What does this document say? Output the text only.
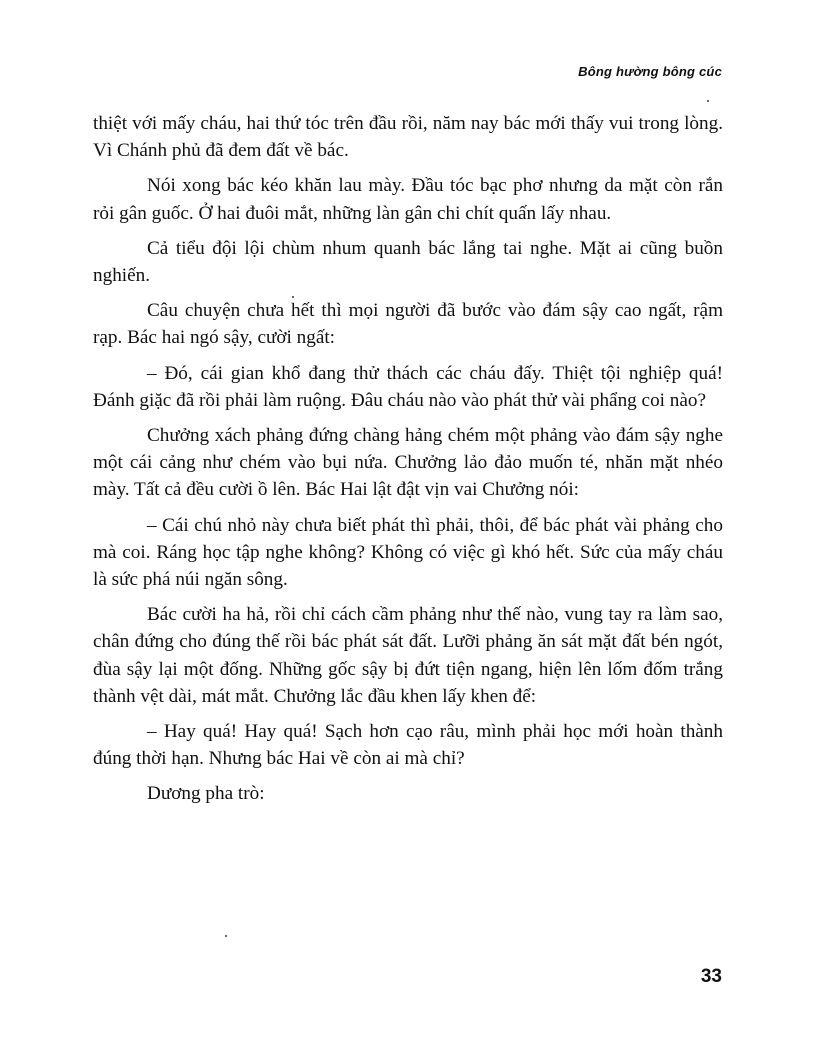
Bông hường bông cúc

thiệt với mấy cháu, hai thứ tóc trên đầu rồi, năm nay bác mới thấy vui trong lòng. Vì Chánh phủ đã đem đất về bác.

Nói xong bác kéo khăn lau mày. Đầu tóc bạc phơ nhưng da mặt còn rắn rỏi gân guốc. Ở hai đuôi mắt, những làn gân chi chít quấn lấy nhau.

Cả tiểu đội lội chùm nhum quanh bác lắng tai nghe. Mặt ai cũng buồn nghiến.

Câu chuyện chưa hết thì mọi người đã bước vào đám sậy cao ngất, rậm rạp. Bác hai ngó sậy, cười ngất:

– Đó, cái gian khổ đang thử thách các cháu đấy. Thiệt tội nghiệp quá! Đánh giặc đã rồi phải làm ruộng. Đâu cháu nào vào phát thử vài phẩng coi nào?

Chưởng xách phảng đứng chàng hảng chém một phảng vào đám sậy nghe một cái cảng như chém vào bụi nứa. Chưởng lảo đảo muốn té, nhăn mặt nhéo mày. Tất cả đều cười ồ lên. Bác Hai lật đật vịn vai Chưởng nói:

– Cái chú nhỏ này chưa biết phát thì phải, thôi, để bác phát vài phảng cho mà coi. Ráng học tập nghe không? Không có việc gì khó hết. Sức của mấy cháu là sức phá núi ngăn sông.

Bác cười ha hả, rồi chỉ cách cầm phảng như thế nào, vung tay ra làm sao, chân đứng cho đúng thế rồi bác phát sát đất. Lưỡi phảng ăn sát mặt đất bén ngót, đùa sậy lại một đống. Những gốc sậy bị đứt tiện ngang, hiện lên lốm đốm trắng thành vệt dài, mát mắt. Chưởng lắc đầu khen lấy khen để:

– Hay quá! Hay quá! Sạch hơn cạo râu, mình phải học mới hoàn thành đúng thời hạn. Nhưng bác Hai về còn ai mà chỉ?

Dương pha trò:

33
